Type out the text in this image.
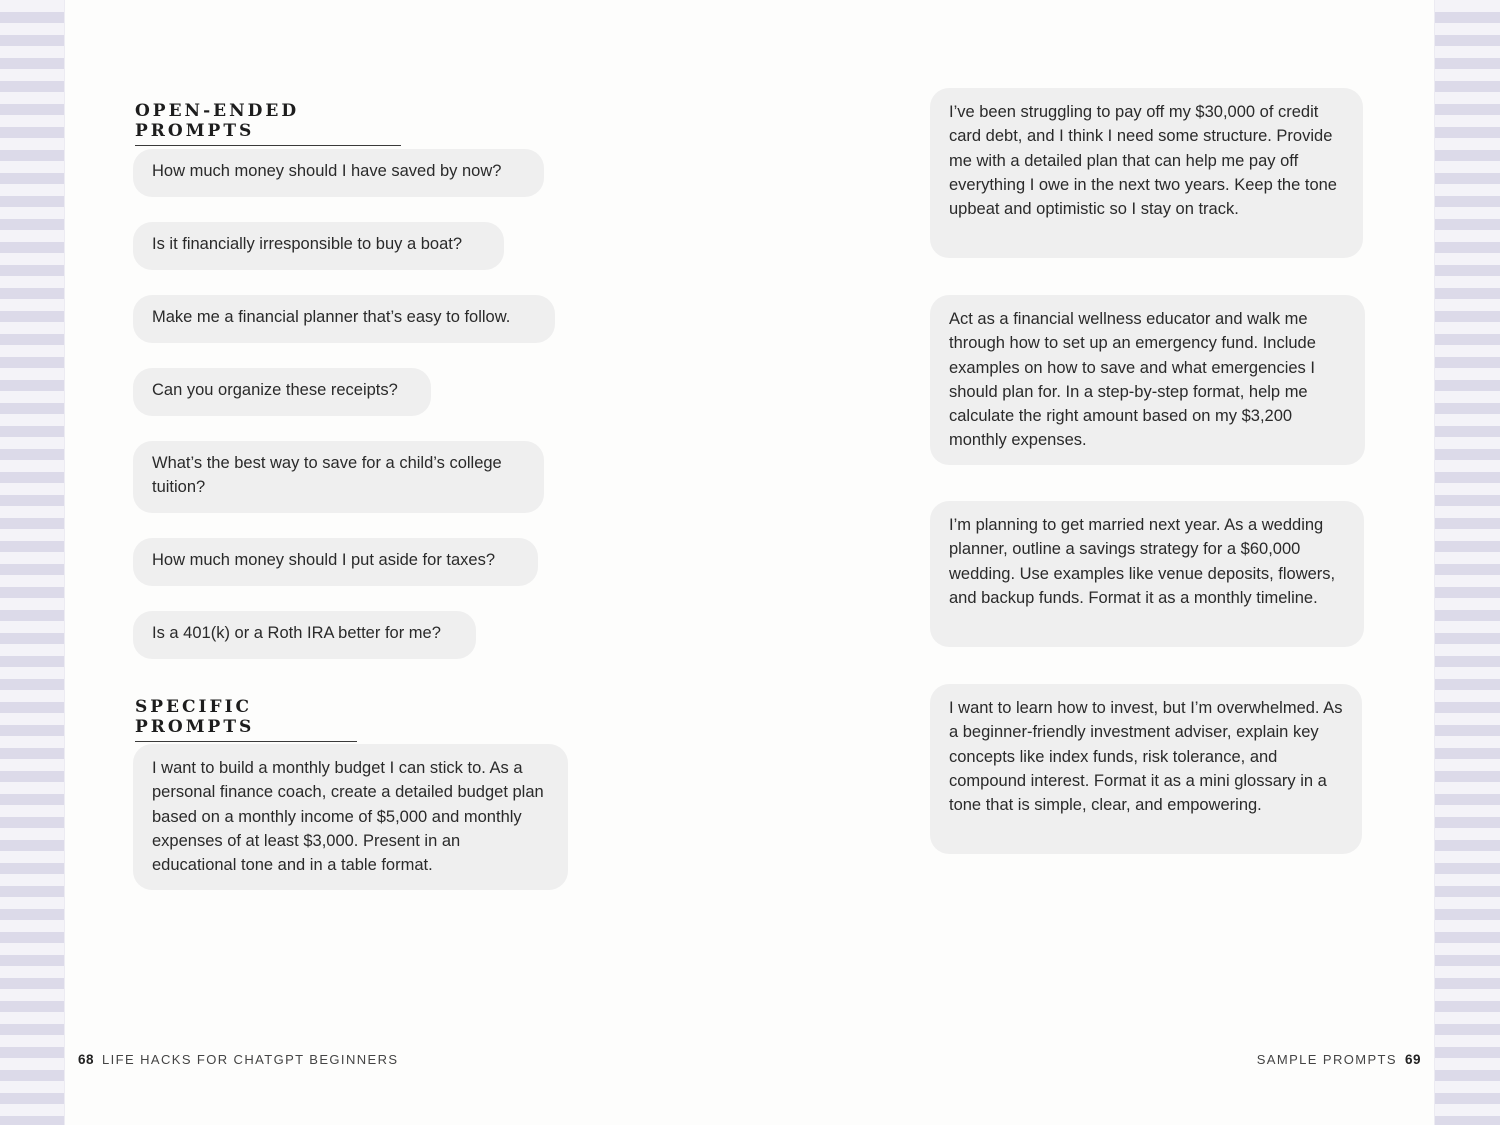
OPEN-ENDED PROMPTS
How much money should I have saved by now?
Is it financially irresponsible to buy a boat?
Make me a financial planner that’s easy to follow.
Can you organize these receipts?
What’s the best way to save for a child’s college tuition?
How much money should I put aside for taxes?
Is a 401(k) or a Roth IRA better for me?
SPECIFIC PROMPTS
I want to build a monthly budget I can stick to. As a personal finance coach, create a detailed budget plan based on a monthly income of $5,000 and monthly expenses of at least $3,000. Present in an educational tone and in a table format.
68 LIFE HACKS FOR CHATGPT BEGINNERS
I’ve been struggling to pay off my $30,000 of credit card debt, and I think I need some structure. Provide me with a detailed plan that can help me pay off everything I owe in the next two years. Keep the tone upbeat and optimistic so I stay on track.
Act as a financial wellness educator and walk me through how to set up an emergency fund. Include examples on how to save and what emergencies I should plan for. In a step-by-step format, help me calculate the right amount based on my $3,200 monthly expenses.
I’m planning to get married next year. As a wedding planner, outline a savings strategy for a $60,000 wedding. Use examples like venue deposits, flowers, and backup funds. Format it as a monthly timeline.
I want to learn how to invest, but I’m overwhelmed. As a beginner-friendly investment adviser, explain key concepts like index funds, risk tolerance, and compound interest. Format it as a mini glossary in a tone that is simple, clear, and empowering.
SAMPLE PROMPTS 69
